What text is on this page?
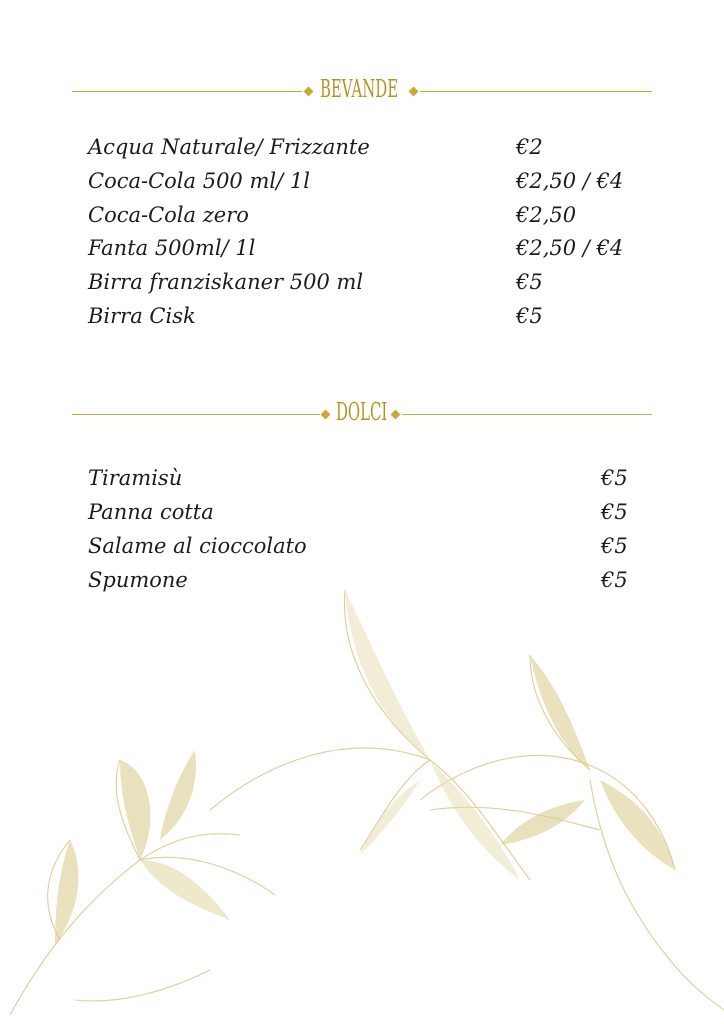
BEVANDE
Acqua Naturale/ Frizzante	€2
Coca-Cola 500 ml/ 1l	€2,50 / €4
Coca-Cola zero	€2,50
Fanta 500ml/ 1l	€2,50 / €4
Birra franziskaner 500 ml	€5
Birra Cisk	€5
DOLCI
Tiramisù	€5
Panna cotta	€5
Salame al cioccolato	€5
Spumone	€5
